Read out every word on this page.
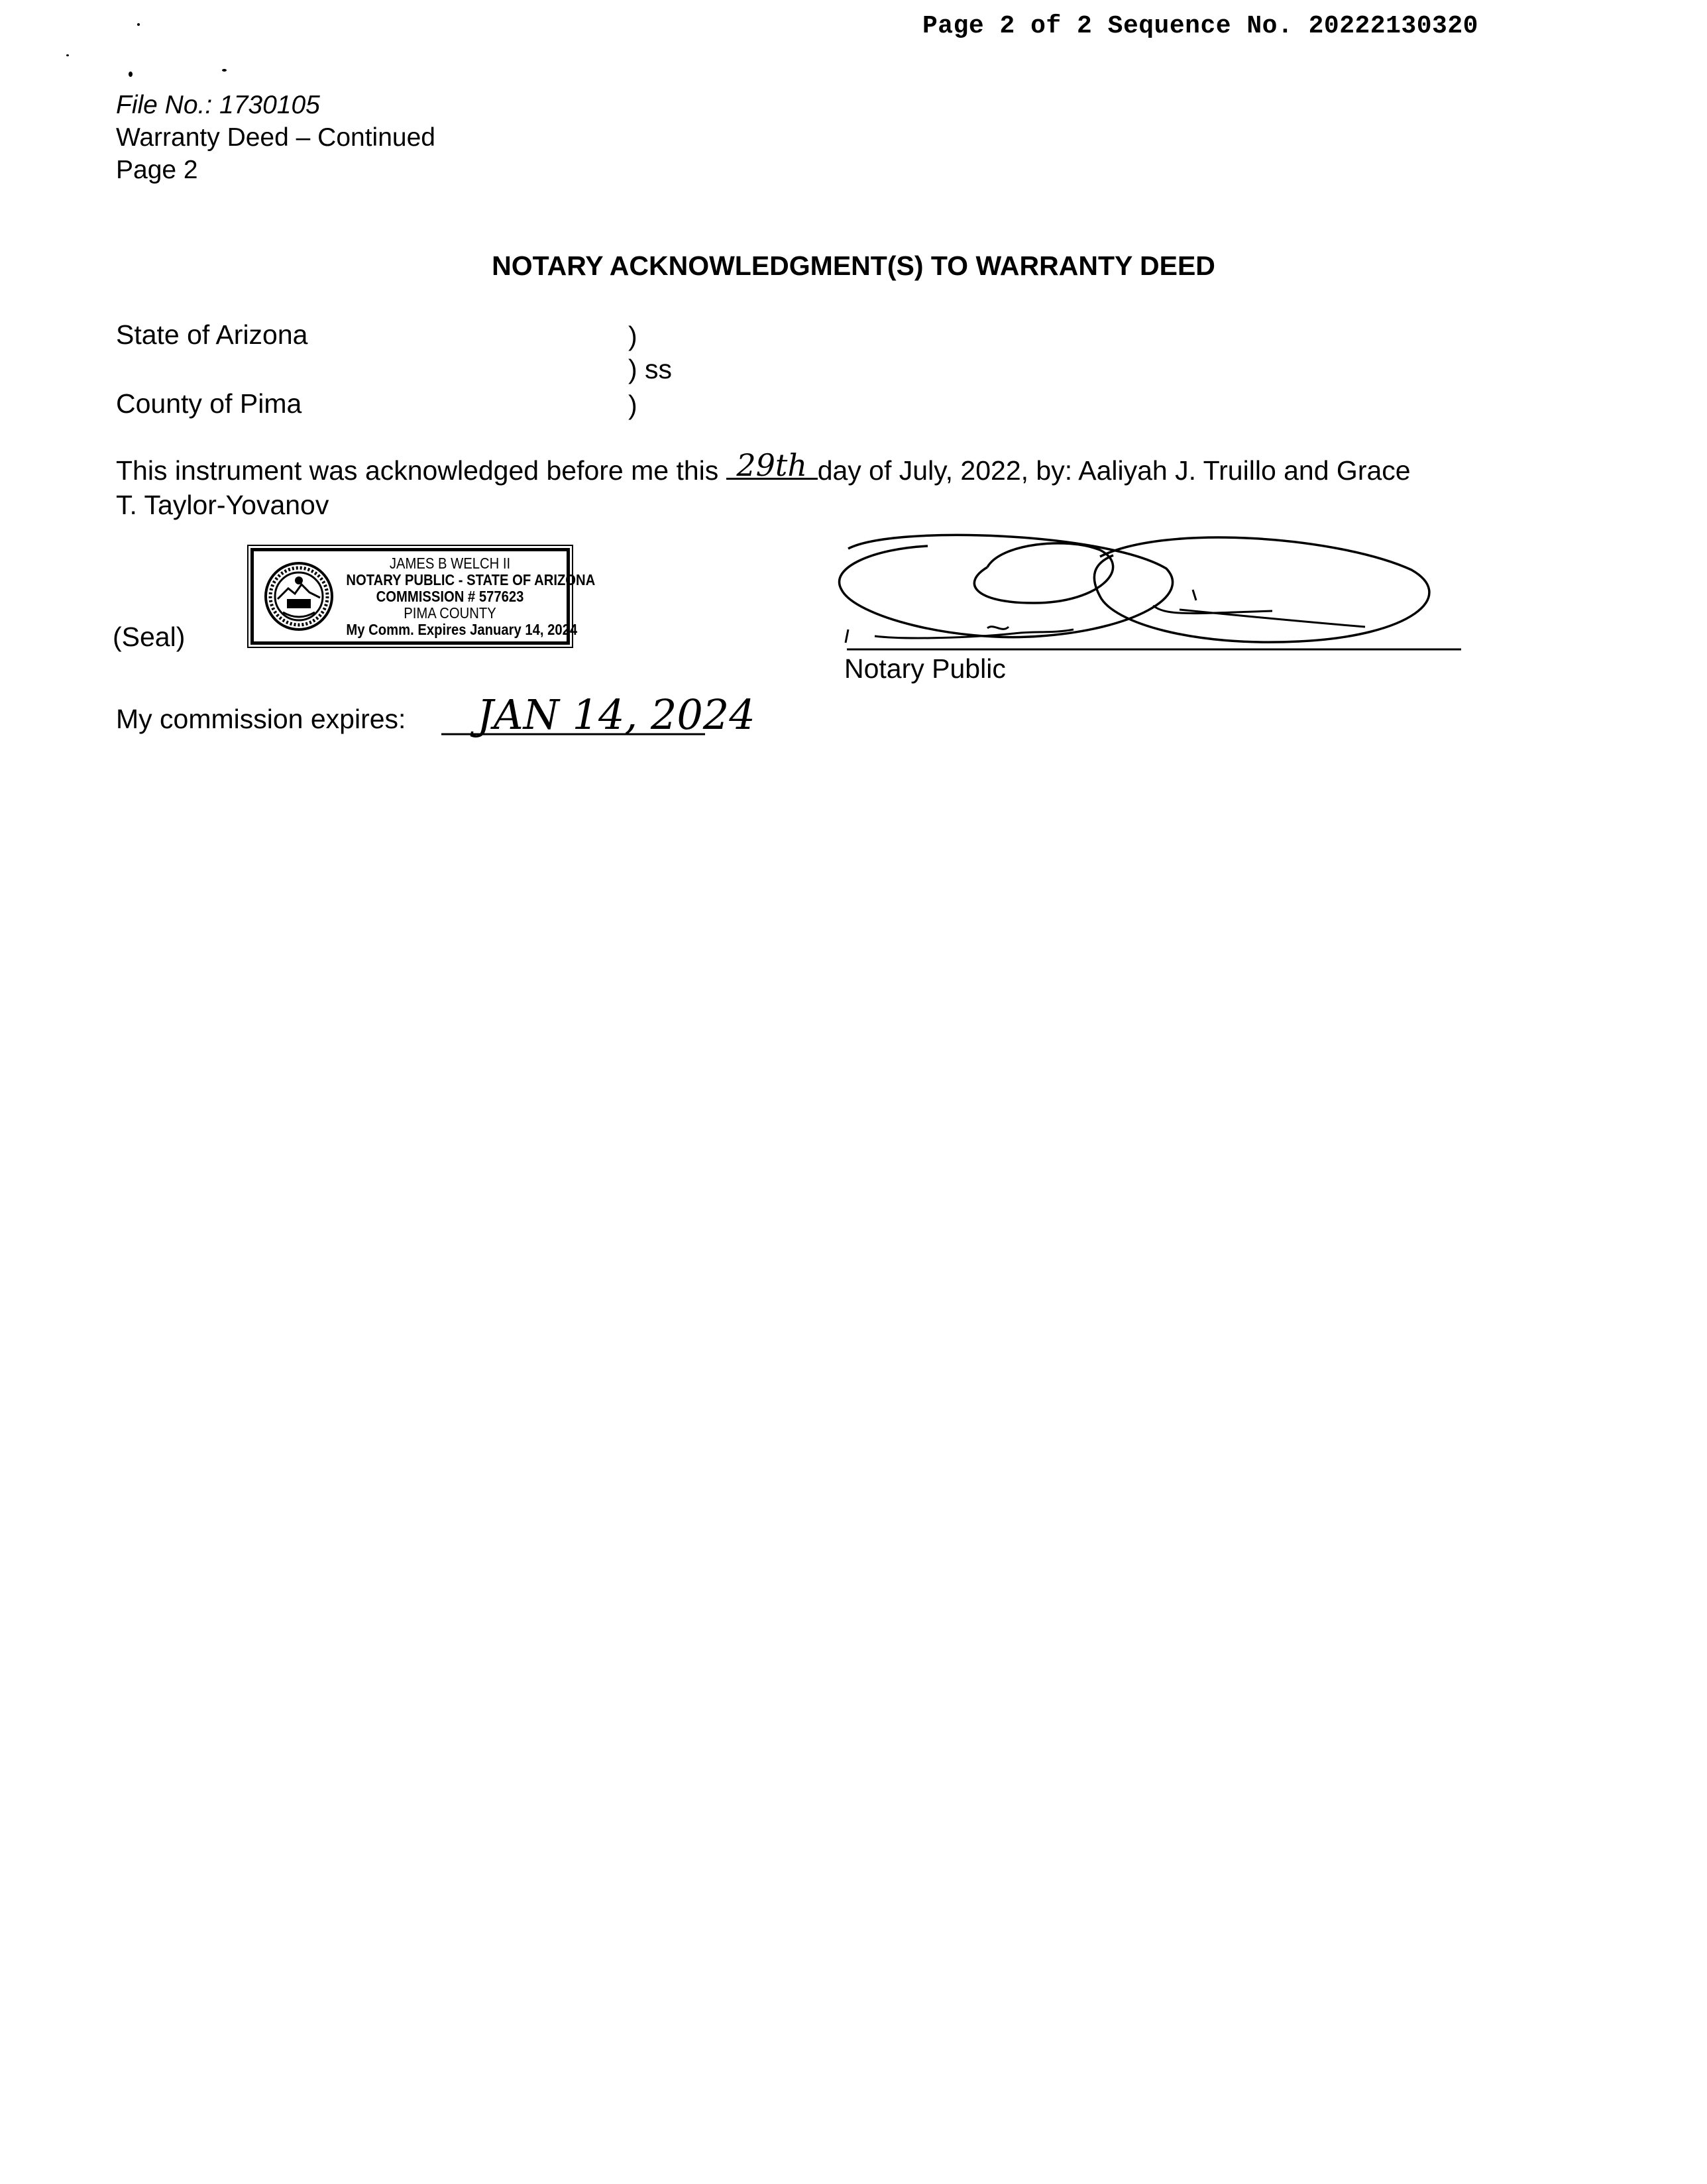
Page 2 of 2 Sequence No. 20222130320
File No.: 1730105
Warranty Deed – Continued
Page 2
NOTARY ACKNOWLEDGMENT(S) TO WARRANTY DEED
State of Arizona
County of Pima
)
) ss
)
This instrument was acknowledged before me this 29th day of July, 2022, by: Aaliyah J. Truillo and Grace
T. Taylor-Yovanov
(Seal)
JAMES B WELCH II
NOTARY PUBLIC - STATE OF ARIZONA
COMMISSION # 577623
PIMA COUNTY
My Comm. Expires January 14, 2024
Notary Public
My commission expires: JAN 14, 2024
